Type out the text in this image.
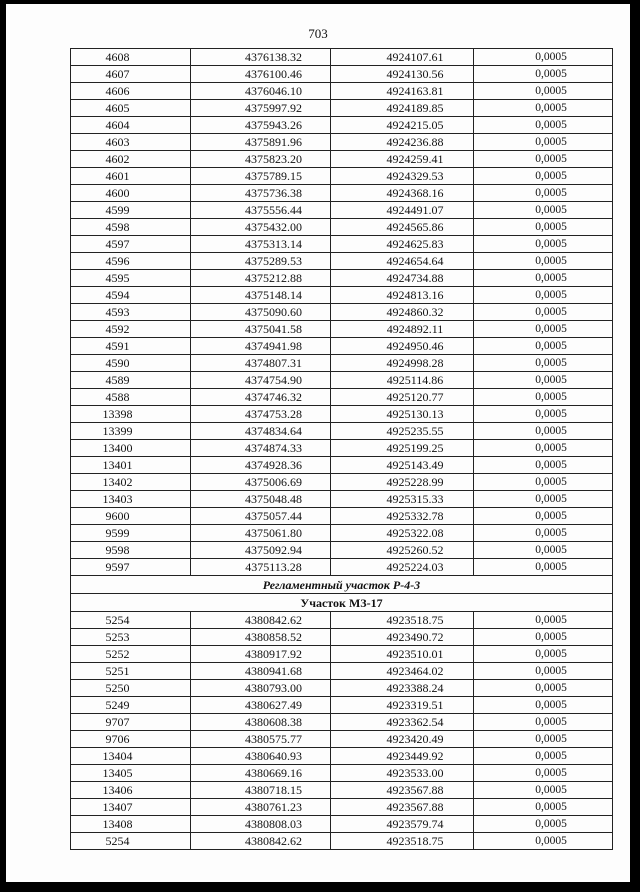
703
4608	4376138.32	4924107.61	0,0005
4607	4376100.46	4924130.56	0,0005
4606	4376046.10	4924163.81	0,0005
4605	4375997.92	4924189.85	0,0005
4604	4375943.26	4924215.05	0,0005
4603	4375891.96	4924236.88	0,0005
4602	4375823.20	4924259.41	0,0005
4601	4375789.15	4924329.53	0,0005
4600	4375736.38	4924368.16	0,0005
4599	4375556.44	4924491.07	0,0005
4598	4375432.00	4924565.86	0,0005
4597	4375313.14	4924625.83	0,0005
4596	4375289.53	4924654.64	0,0005
4595	4375212.88	4924734.88	0,0005
4594	4375148.14	4924813.16	0,0005
4593	4375090.60	4924860.32	0,0005
4592	4375041.58	4924892.11	0,0005
4591	4374941.98	4924950.46	0,0005
4590	4374807.31	4924998.28	0,0005
4589	4374754.90	4925114.86	0,0005
4588	4374746.32	4925120.77	0,0005
13398	4374753.28	4925130.13	0,0005
13399	4374834.64	4925235.55	0,0005
13400	4374874.33	4925199.25	0,0005
13401	4374928.36	4925143.49	0,0005
13402	4375006.69	4925228.99	0,0005
13403	4375048.48	4925315.33	0,0005
9600	4375057.44	4925332.78	0,0005
9599	4375061.80	4925322.08	0,0005
9598	4375092.94	4925260.52	0,0005
9597	4375113.28	4925224.03	0,0005
Регламентный участок Р-4-3			
Участок МЗ-17			
5254	4380842.62	4923518.75	0,0005
5253	4380858.52	4923490.72	0,0005
5252	4380917.92	4923510.01	0,0005
5251	4380941.68	4923464.02	0,0005
5250	4380793.00	4923388.24	0,0005
5249	4380627.49	4923319.51	0,0005
9707	4380608.38	4923362.54	0,0005
9706	4380575.77	4923420.49	0,0005
13404	4380640.93	4923449.92	0,0005
13405	4380669.16	4923533.00	0,0005
13406	4380718.15	4923567.88	0,0005
13407	4380761.23	4923567.88	0,0005
13408	4380808.03	4923579.74	0,0005
5254	4380842.62	4923518.75	0,0005
